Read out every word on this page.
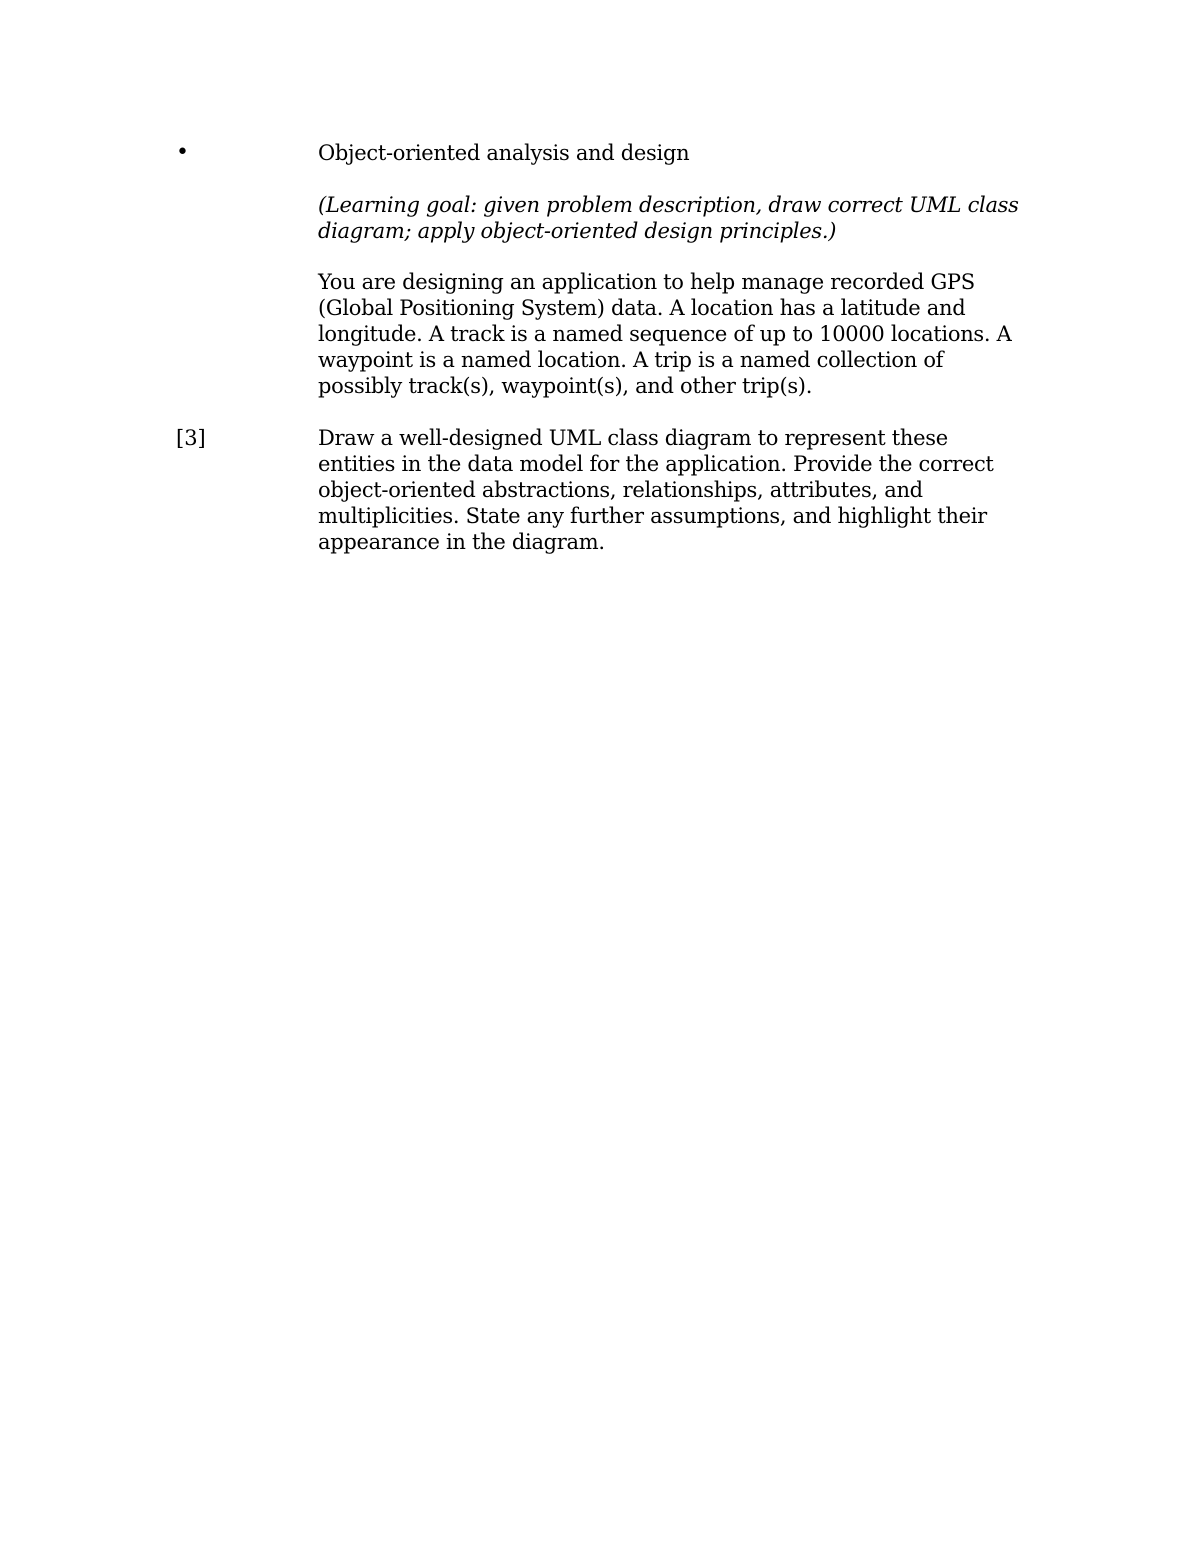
•	Object-oriented analysis and design
(Learning goal: given problem description, draw correct UML class
diagram; apply object-oriented design principles.)
You are designing an application to help manage recorded GPS
(Global Positioning System) data. A location has a latitude and
longitude. A track is a named sequence of up to 10000 locations. A
waypoint is a named location. A trip is a named collection of
possibly track(s), waypoint(s), and other trip(s).
[3]	Draw a well-designed UML class diagram to represent these
entities in the data model for the application. Provide the correct
object-oriented abstractions, relationships, attributes, and
multiplicities. State any further assumptions, and highlight their
appearance in the diagram.
